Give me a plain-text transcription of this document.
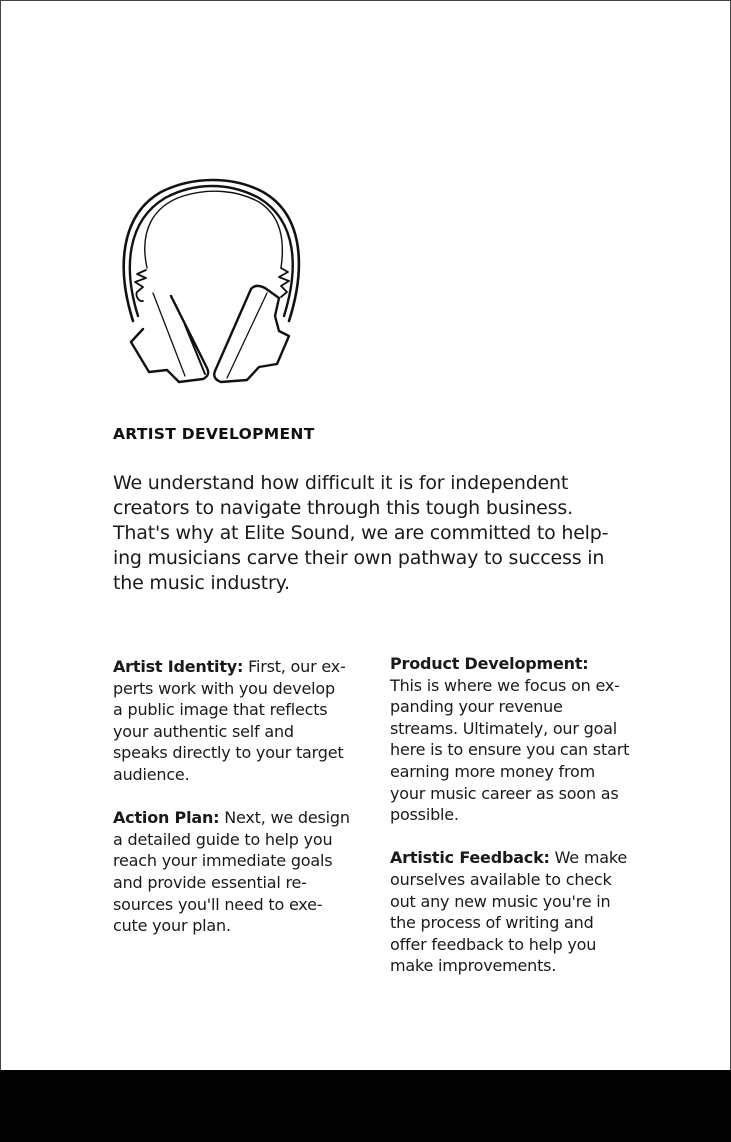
ARTIST DEVELOPMENT

We understand how difficult it is for independent
creators to navigate through this tough business.
That's why at Elite Sound, we are committed to help-
ing musicians carve their own pathway to success in
the music industry.

Artist Identity: First, our ex-
perts work with you develop
a public image that reflects
your authentic self and
speaks directly to your target
audience.

Action Plan: Next, we design
a detailed guide to help you
reach your immediate goals
and provide essential re-
sources you'll need to exe-
cute your plan.

Product Development:
This is where we focus on ex-
panding your revenue
streams. Ultimately, our goal
here is to ensure you can start
earning more money from
your music career as soon as
possible.

Artistic Feedback: We make
ourselves available to check
out any new music you're in
the process of writing and
offer feedback to help you
make improvements.
